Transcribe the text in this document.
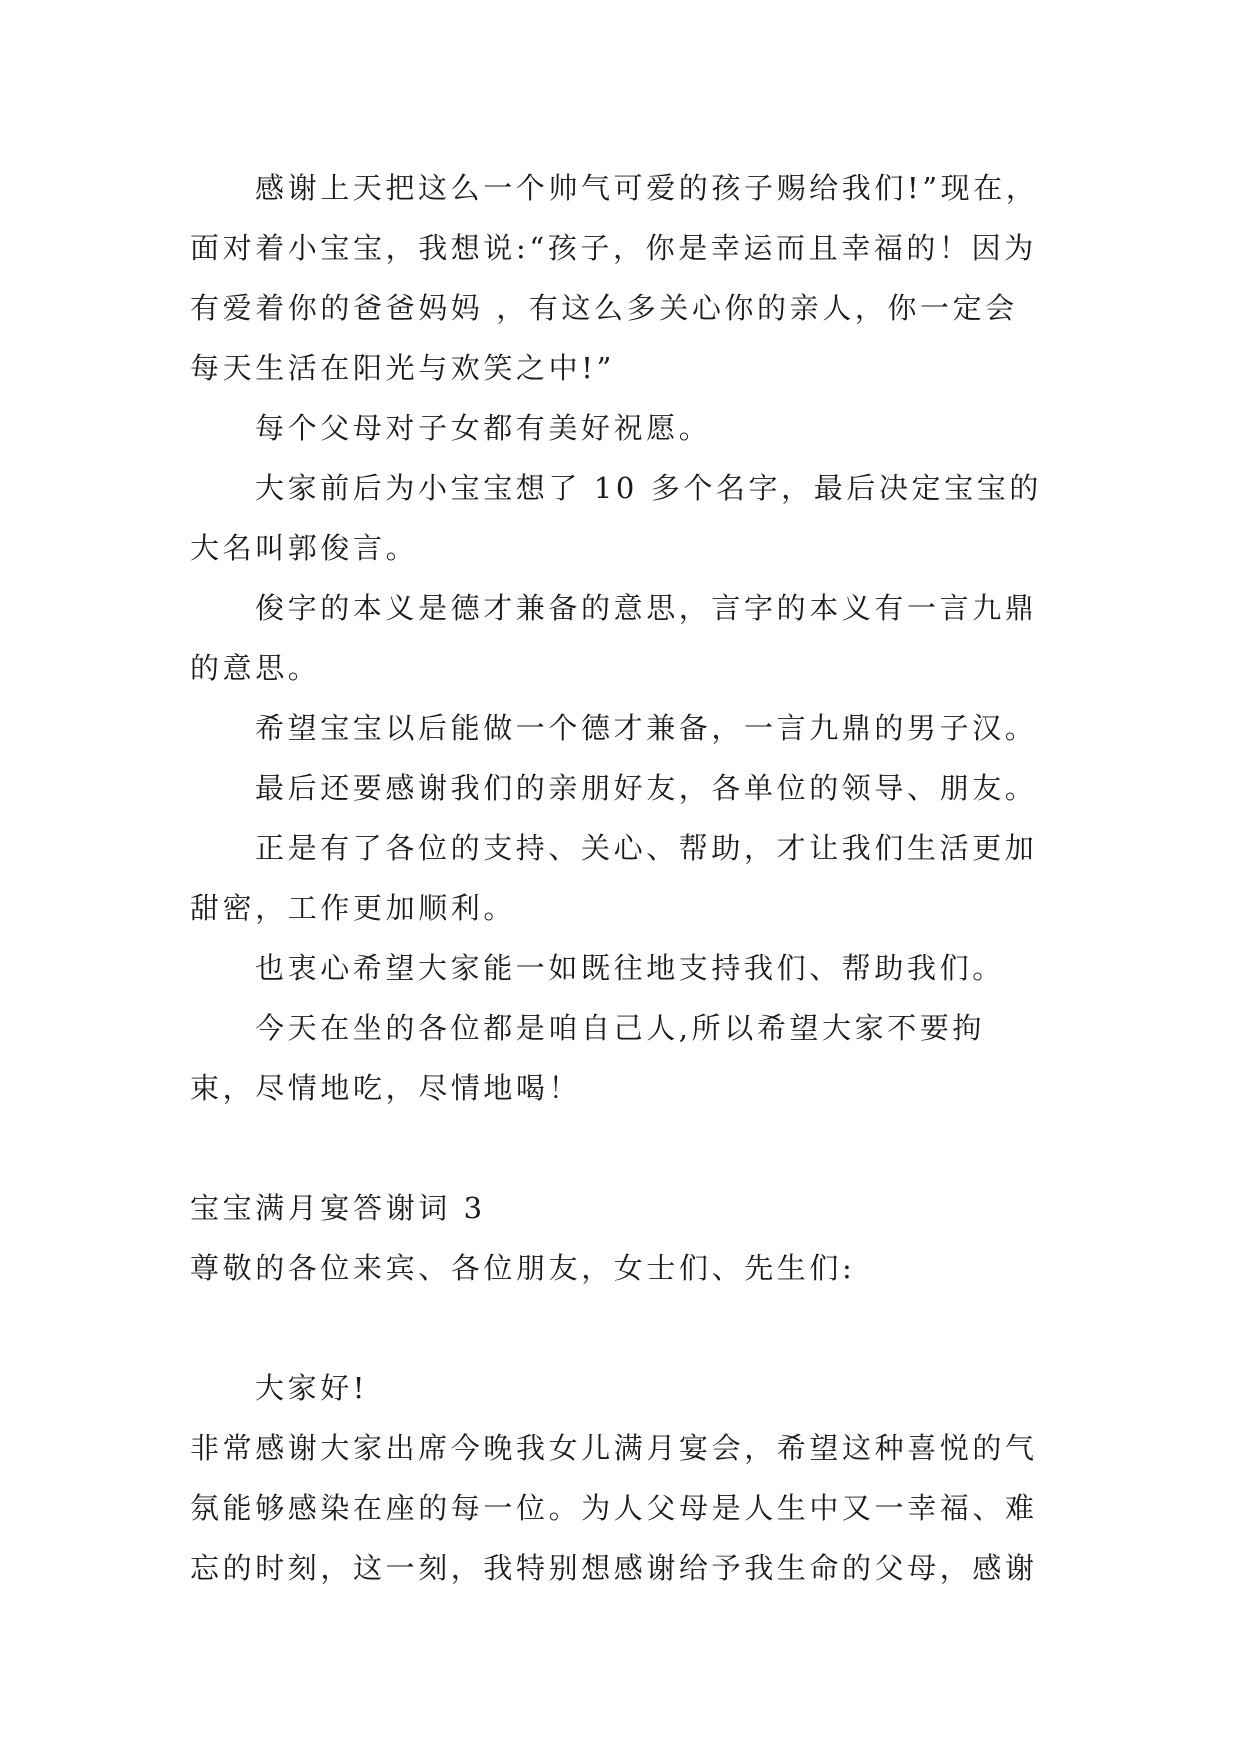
感谢上天把这么一个帅气可爱的孩子赐给我们!”现在，面对着小宝宝，我想说:“孩子，你是幸运而且幸福的！因为有爱着你的爸爸妈妈 ，有这么多关心你的亲人，你一定会每天生活在阳光与欢笑之中!”

每个父母对子女都有美好祝愿。

大家前后为小宝宝想了 10 多个名字，最后决定宝宝的大名叫郭俊言。

俊字的本义是德才兼备的意思，言字的本义有一言九鼎的意思。

希望宝宝以后能做一个德才兼备，一言九鼎的男子汉。

最后还要感谢我们的亲朋好友，各单位的领导、朋友。

正是有了各位的支持、关心、帮助，才让我们生活更加甜密，工作更加顺利。

也衷心希望大家能一如既往地支持我们、帮助我们。

今天在坐的各位都是咱自己人,所以希望大家不要拘束，尽情地吃，尽情地喝！

宝宝满月宴答谢词 3

尊敬的各位来宾、各位朋友，女士们、先生们:

大家好!

非常感谢大家出席今晚我女儿满月宴会，希望这种喜悦的气氛能够感染在座的每一位。为人父母是人生中又一幸福、难忘的时刻，这一刻，我特别想感谢给予我生命的父母，感谢
